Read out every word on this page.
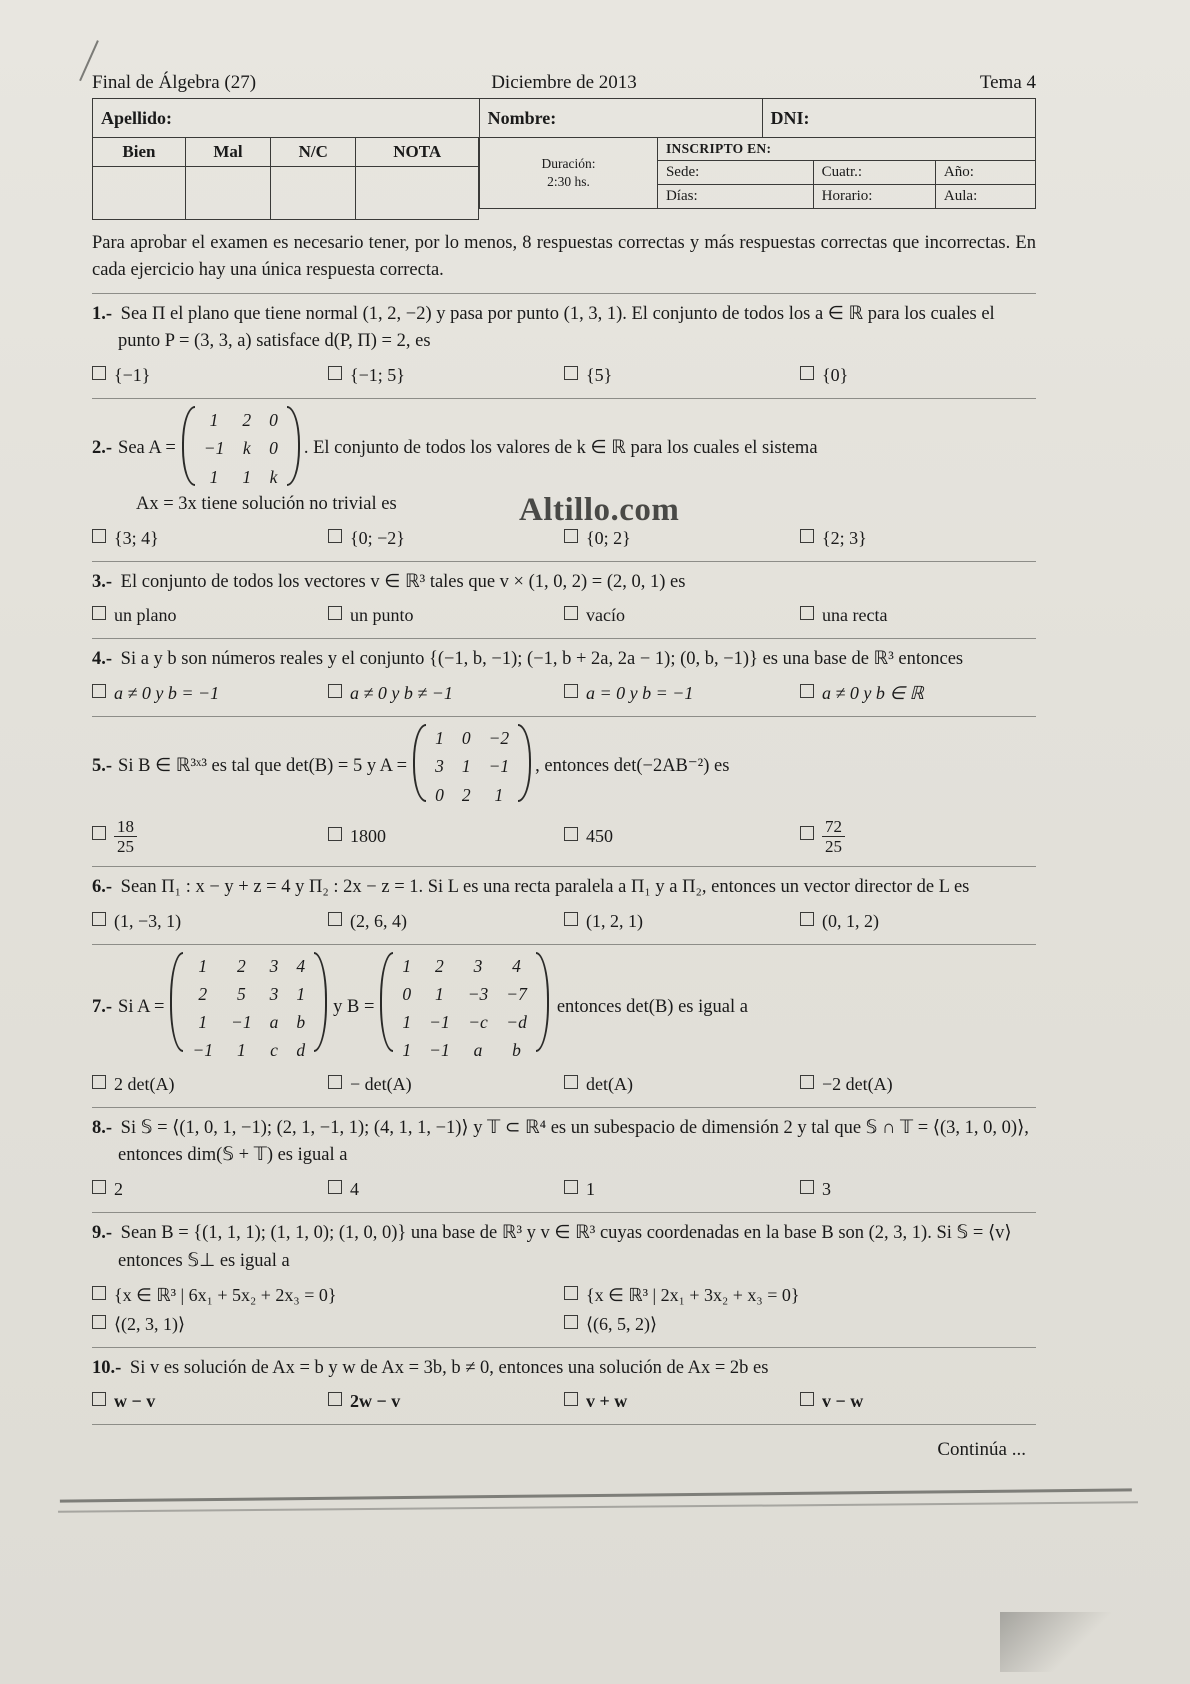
Final de Álgebra (27)	Diciembre de 2013	Tema 4
Apellido:	Nombre:	DNI:
Bien	Mal	N/C	NOTA

Duración:
2:30 hs.	INSCRIPTO EN:		
	Sede:	Cuatr.:	Año:
	Días:	Horario:	Aula:
Para aprobar el examen es necesario tener, por lo menos, 8 respuestas correctas y más respuestas correctas que incorrectas. En cada ejercicio hay una única respuesta correcta.
1.- Sea Π el plano que tiene normal (1, 2, −2) y pasa por punto (1, 3, 1). El conjunto de todos los a ∈ ℝ para los cuales el punto P = (3, 3, a) satisface d(P, Π) = 2, es
{−1}	{−1; 5}	{5}	{0}
2.- Sea A =
1	2	0
−1	k	0
1	1	k
. El conjunto de todos los valores de k ∈ ℝ para los cuales el sistema
Ax = 3x tiene solución no trivial es
{3; 4}	{0; −2}	{0; 2}	{2; 3}
3.- El conjunto de todos los vectores v ∈ ℝ³ tales que v × (1, 0, 2) = (2, 0, 1) es
un plano	un punto	vacío	una recta
4.- Si a y b son números reales y el conjunto {(−1, b, −1); (−1, b + 2a, 2a − 1); (0, b, −1)} es una base de ℝ³ entonces
a ≠ 0 y b = −1	a ≠ 0 y b ≠ −1	a = 0 y b = −1	a ≠ 0 y b ∈ ℝ
5.- Si B ∈ ℝ³ˣ³ es tal que det(B) = 5 y A =
1	0	−2
3	1	−1
0	2	1
, entonces det(−2AB⁻²) es
$\frac{18}{25}$	1800	450	$\frac{72}{25}$
6.- Sean Π₁ : x − y + z = 4 y Π₂ : 2x − z = 1. Si L es una recta paralela a Π₁ y a Π₂, entonces un vector director de L es
(1, −3, 1)	(2, 6, 4)	(1, 2, 1)	(0, 1, 2)
7.- Si A =
1	2	3	4
2	5	3	1
1	−1	a	b
−1	1	c	d
y B =
1	2	3	4
0	1	−3	−7
1	−1	−c	−d
1	−1	a	b
entonces det(B) es igual a
2 det(A)	− det(A)	det(A)	−2 det(A)
8.- Si 𝕊 = ⟨(1, 0, 1, −1); (2, 1, −1, 1); (4, 1, 1, −1)⟩ y 𝕋 ⊂ ℝ⁴ es un subespacio de dimensión 2 y tal que 𝕊 ∩ 𝕋 = ⟨(3, 1, 0, 0)⟩, entonces dim(𝕊 + 𝕋) es igual a
2	4	1	3
9.- Sean B = {(1, 1, 1); (1, 1, 0); (1, 0, 0)} una base de ℝ³ y v ∈ ℝ³ cuyas coordenadas en la base B son (2, 3, 1). Si 𝕊 = ⟨v⟩ entonces 𝕊⊥ es igual a
{x ∈ ℝ³ | 6x₁ + 5x₂ + 2x₃ = 0}	{x ∈ ℝ³ | 2x₁ + 3x₂ + x₃ = 0}
⟨(2, 3, 1)⟩	⟨(6, 5, 2)⟩
10.- Si v es solución de Ax = b y w de Ax = 3b, b ≠ 0, entonces una solución de Ax = 2b es
w − v	2w − v	v + w	v − w
Continúa ...
Altillo.com
